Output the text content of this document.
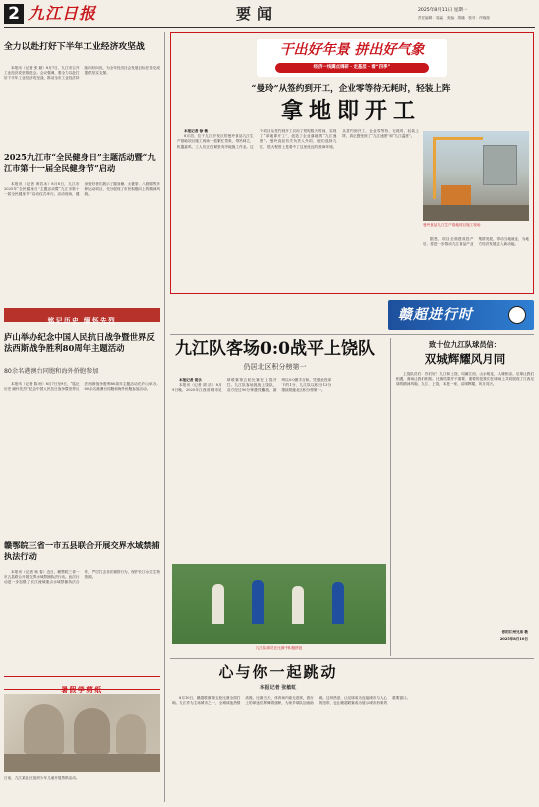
2 九江日报	要闻	2025年8月11日 星期一
责任编辑：周淼　美编：胡璠　校对：许晓瑞
全力以赴打好下半年工业经济攻坚战

本报讯（记者 张 颖）8月7日，九江市召开工业经济攻坚推进会。会议强调，要全力以赴打好下半年工业经济攻坚战，推动全市工业经济持续向好向优，为全年经济社会发展目标任务完成提供坚实支撑。

2025九江市“全民健身日”主题活动暨“九江市第十一届全民健身节”启动

本报讯（记者 黄若冰）8月8日，九江市2025年“全民健身日”主题活动暨“九江市第十一届全民健身节”启动仪式举行。活动现场，健身爱好者们展示了健身操、太极拳、八段锦等多种运动项目，充分展现了市民积极向上的精神风貌。

铭记历史 缅怀先烈
庐山举办纪念中国人民抗日战争暨世界反法西斯战争胜利80周年主题活动
80余名港澳台同胞和海外侨胞参加

本报讯（记者 陈 盼）8月7日至9日，“铭记历史 缅怀先烈”纪念中国人民抗日战争暨世界反法西斯战争胜利80周年主题活动在庐山举办。80余名港澳台同胞和海外侨胞参加活动。

赣鄂皖三省一市五县联合开展交界水域禁捕执法行动

本报讯（记者 杨 春）近日，赣鄂皖三省一市五县联合开展交界水域禁捕执法行动。此次行动进一步加强了长江流域重点水域禁捕执法合作，严厉打击非法捕捞行为，保护长江水生生物资源。

暑假学剪纸
日前，九江某社区组织少年儿童开展剪纸活动。
干出好年景 拼出好气象
经济一线蹲点调研 · 走基层 · 看“四季”
“曼玲”从签约到开工，企业零等待无耗时，轻装上阵
拿地即开工

本报记者 徐 敏

8月初，位于九江开发区的曼玲食品九江生产基地项目施工现场一派繁忙景象，塔吊林立，机器轰鸣，工人们正在紧张有序地施工作业。这个项目从签约到开工仅用了短短数天时间，实现了“拿地即开工”，创造了企业落地的“九江速度”。曼玲食品有关负责人介绍，他们选择九江，很大程度上是看中了这里优良的营商环境。从签约到开工，企业零等待、无耗时，轻装上阵，真正感受到了“九江速度”和“九江温度”。

曼玲食品九江生产基地项目施工现场

据悉，项目全面建成投产后，将进一步推动九江食品产业集群发展，带动当地就业，为地方经济发展注入新动能。

赣超进行时
九江队客场0:0战平上饶队
仍居北区积分榜第一

本报记者 胡乐

本报讯（记者 胡 乐）8月9日晚，2025年江西省城市足球联赛第五轮比赛在上饶开打。九江队客场挑战上饶队，双方经过90分钟激烈鏖战，最终以0:0握手言和。凭借此役拿下的1分，九江队以积分13分继续领跑北区积分榜第一。

九江队球员在比赛中积极拼抢
致十位九江队球员信：
双城辉耀风月同

上饶队员们：你们好！九江和上饶，同属江西，山水相连，人缘相亲。足球让我们相遇，赛场让我们相知。比赛结果并不重要，重要的是我们在球场上共同展现了江西足球的精神风貌。九江、上饶，本是一家，双城辉耀，风月同天。

你的江州兄弟 敬
2025年8月10日
心与你一起跳动
本报记者 张敏虹

8月10日，赣超联赛第五轮比赛全面打响。九江作为主场城市之一，全城球迷热情高涨。比赛当天，体育场内座无虚席，看台上的球迷们挥舞着旗帜，为家乡球队加油助威。这份热爱，让足球成为连接城市与人心的纽带，也让赣超联赛成为展示城市形象的重要窗口。
